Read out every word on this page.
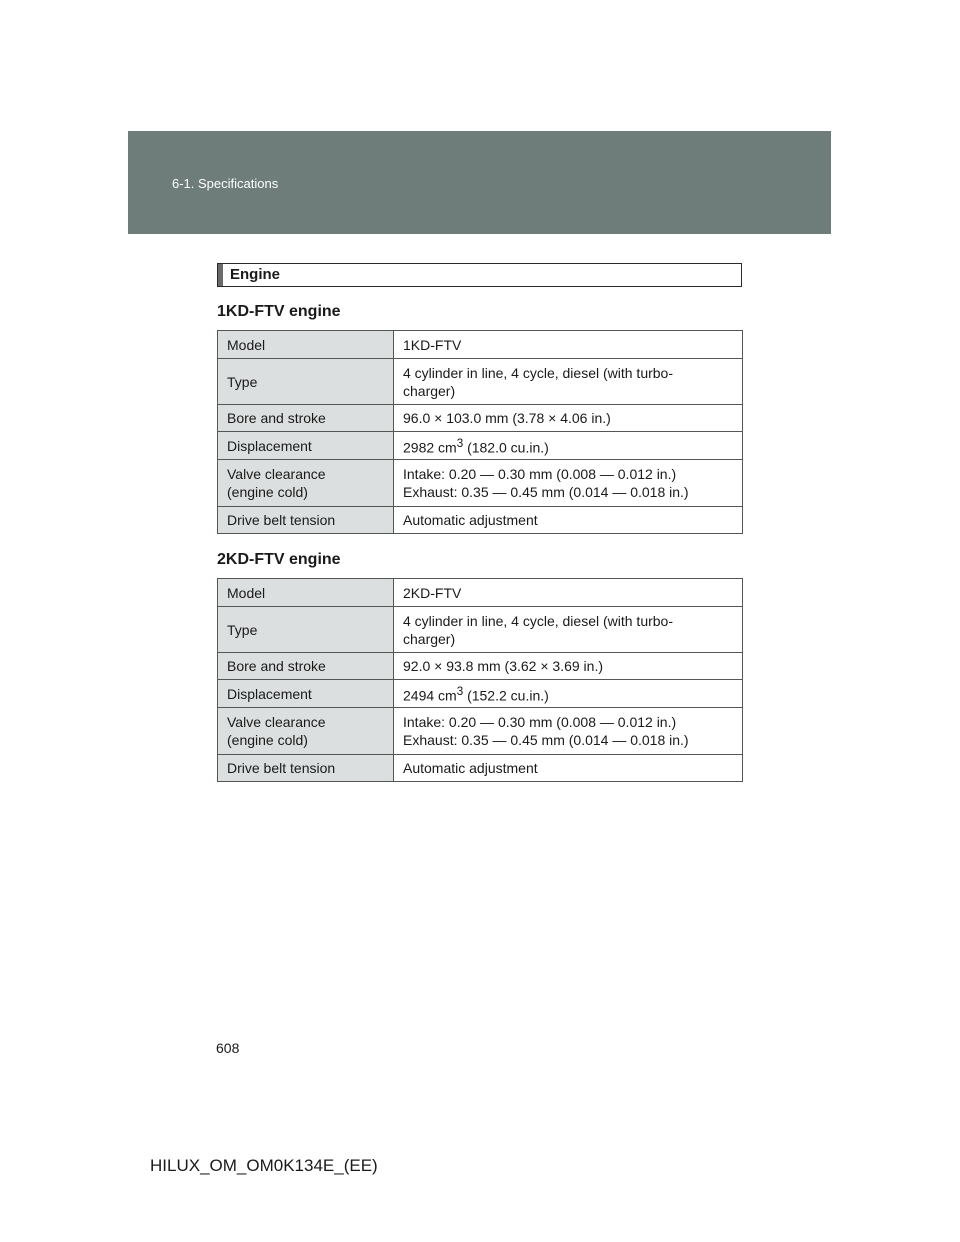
6-1. Specifications
Engine
1KD-FTV engine
Model	1KD-FTV
Type	4 cylinder in line, 4 cycle, diesel (with turbo-
charger)
Bore and stroke	96.0 × 103.0 mm (3.78 × 4.06 in.)
Displacement	2982 $cm^3$ (182.0 cu.in.)
Valve clearance
(engine cold)	Intake: 0.20 — 0.30 mm (0.008 — 0.012 in.)
Exhaust: 0.35 — 0.45 mm (0.014 — 0.018 in.)
Drive belt tension	Automatic adjustment
2KD-FTV engine
Model	2KD-FTV
Type	4 cylinder in line, 4 cycle, diesel (with turbo-
charger)
Bore and stroke	92.0 × 93.8 mm (3.62 × 3.69 in.)
Displacement	2494 $cm^3$ (152.2 cu.in.)
Valve clearance
(engine cold)	Intake: 0.20 — 0.30 mm (0.008 — 0.012 in.)
Exhaust: 0.35 — 0.45 mm (0.014 — 0.018 in.)
Drive belt tension	Automatic adjustment
608
HILUX_OM_OM0K134E_(EE)
